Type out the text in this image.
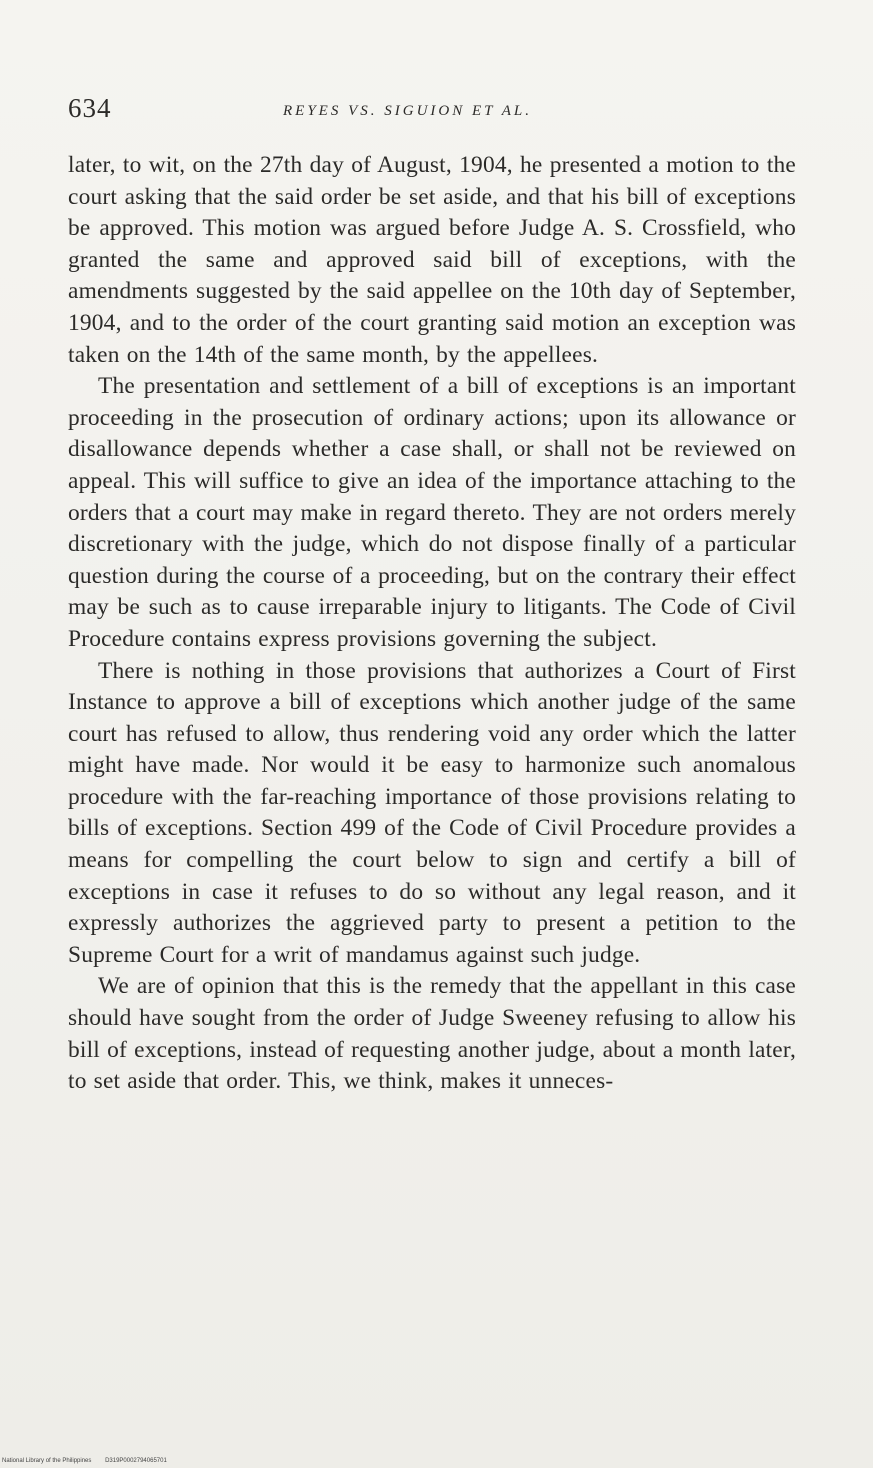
634	REYES VS. SIGUION ET AL.

later, to wit, on the 27th day of August, 1904, he presented a motion to the court asking that the said order be set aside, and that his bill of exceptions be approved. This motion was argued before Judge A. S. Crossfield, who granted the same and approved said bill of exceptions, with the amendments suggested by the said appellee on the 10th day of September, 1904, and to the order of the court granting said motion an exception was taken on the 14th of the same month, by the appellees.

The presentation and settlement of a bill of exceptions is an important proceeding in the prosecution of ordinary actions; upon its allowance or disallowance depends whether a case shall, or shall not be reviewed on appeal. This will suffice to give an idea of the importance attaching to the orders that a court may make in regard thereto. They are not orders merely discretionary with the judge, which do not dispose finally of a particular question during the course of a proceeding, but on the contrary their effect may be such as to cause irreparable injury to litigants. The Code of Civil Procedure contains express provisions governing the subject.

There is nothing in those provisions that authorizes a Court of First Instance to approve a bill of exceptions which another judge of the same court has refused to allow, thus rendering void any order which the latter might have made. Nor would it be easy to harmonize such anomalous procedure with the far-reaching importance of those provisions relating to bills of exceptions. Section 499 of the Code of Civil Procedure provides a means for compelling the court below to sign and certify a bill of exceptions in case it refuses to do so without any legal reason, and it expressly authorizes the aggrieved party to present a petition to the Supreme Court for a writ of mandamus against such judge.

We are of opinion that this is the remedy that the appellant in this case should have sought from the order of Judge Sweeney refusing to allow his bill of exceptions, instead of requesting another judge, about a month later, to set aside that order. This, we think, makes it unneces-

National Library of the Philippines D319P0002794065701
